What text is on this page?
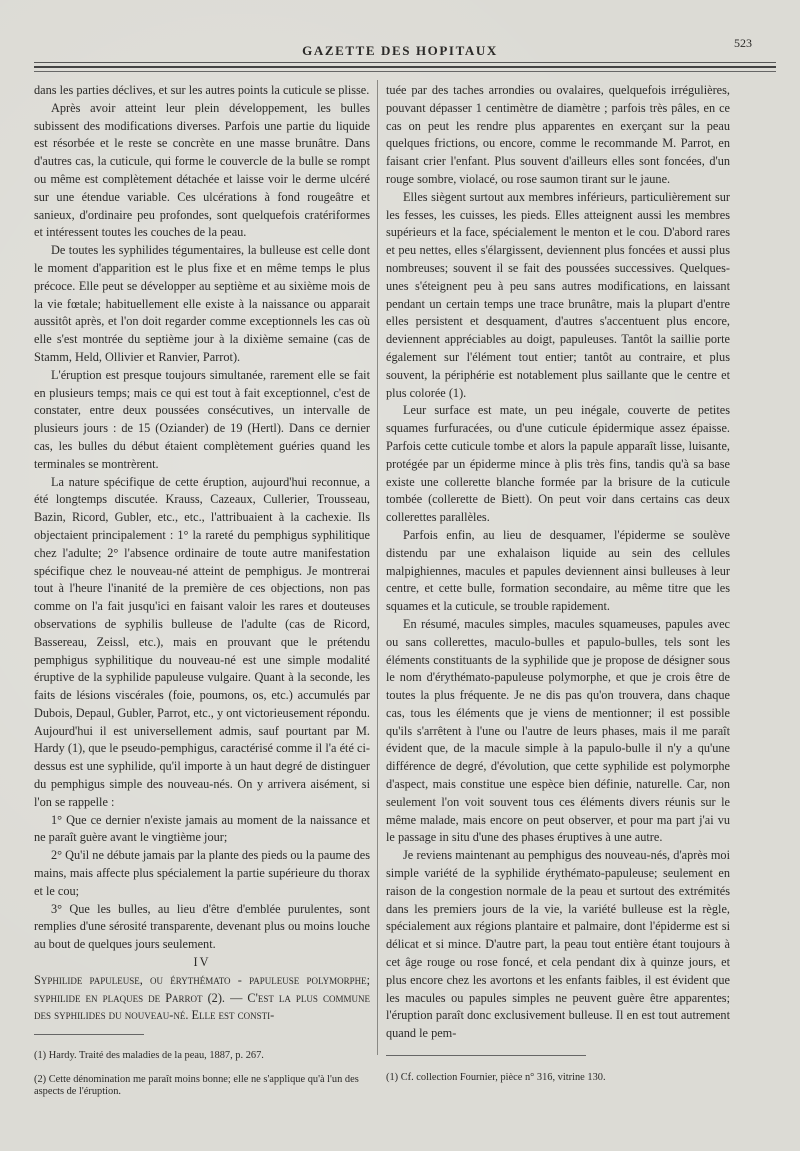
GAZETTE DES HOPITAUX	523

dans les parties déclives, et sur les autres points la cuticule se plisse.

Après avoir atteint leur plein développement, les bulles subissent des modifications diverses. Parfois une partie du liquide est résorbée et le reste se concrète en une masse brunâtre. Dans d'autres cas, la cuticule, qui forme le couvercle de la bulle se rompt ou même est complètement détachée et laisse voir le derme ulcéré sur une étendue variable. Ces ulcérations à fond rougeâtre et sanieux, d'ordinaire peu profondes, sont quelquefois cratériformes et intéressent toutes les couches de la peau.

De toutes les syphilides tégumentaires, la bulleuse est celle dont le moment d'apparition est le plus fixe et en même temps le plus précoce. Elle peut se développer au septième et au sixième mois de la vie fœtale; habituellement elle existe à la naissance ou apparait aussitôt après, et l'on doit regarder comme exceptionnels les cas où elle s'est montrée du septième jour à la dixième semaine (cas de Stamm, Held, Ollivier et Ranvier, Parrot).

L'éruption est presque toujours simultanée, rarement elle se fait en plusieurs temps; mais ce qui est tout à fait exceptionnel, c'est de constater, entre deux poussées consécutives, un intervalle de plusieurs jours : de 15 (Oziander) de 19 (Hertl). Dans ce dernier cas, les bulles du début étaient complètement guéries quand les terminales se montrèrent.

La nature spécifique de cette éruption, aujourd'hui reconnue, a été longtemps discutée. Krauss, Cazeaux, Cullerier, Trousseau, Bazin, Ricord, Gubler, etc., etc., l'attribuaient à la cachexie. Ils objectaient principalement : 1° la rareté du pemphigus syphilitique chez l'adulte; 2° l'absence ordinaire de toute autre manifestation spécifique chez le nouveau-né atteint de pemphigus. Je montrerai tout à l'heure l'inanité de la première de ces objections, non pas comme on l'a fait jusqu'ici en faisant valoir les rares et douteuses observations de syphilis bulleuse de l'adulte (cas de Ricord, Bassereau, Zeissl, etc.), mais en prouvant que le prétendu pemphigus syphilitique du nouveau-né est une simple modalité éruptive de la syphilide papuleuse vulgaire. Quant à la seconde, les faits de lésions viscérales (foie, poumons, os, etc.) accumulés par Dubois, Depaul, Gubler, Parrot, etc., y ont victorieusement répondu. Aujourd'hui il est universellement admis, sauf pourtant par M. Hardy (1), que le pseudo-pemphigus, caractérisé comme il l'a été ci-dessus est une syphilide, qu'il importe à un haut degré de distinguer du pemphigus simple des nouveau-nés. On y arrivera aisément, si l'on se rappelle :

1° Que ce dernier n'existe jamais au moment de la naissance et ne paraît guère avant le vingtième jour;

2° Qu'il ne débute jamais par la plante des pieds ou la paume des mains, mais affecte plus spécialement la partie supérieure du thorax et le cou;

3° Que les bulles, au lieu d'être d'emblée purulentes, sont remplies d'une sérosité transparente, devenant plus ou moins louche au bout de quelques jours seulement.

IV

Syphilide papuleuse, ou érythémato - papuleuse polymorphe; syphilide en plaques de Parrot (2). — C'est la plus commune des syphilides du nouveau-né. Elle est consti-

(1) Hardy. Traité des maladies de la peau, 1887, p. 267.

(2) Cette dénomination me paraît moins bonne; elle ne s'applique qu'à l'un des aspects de l'éruption.

tuée par des taches arrondies ou ovalaires, quelquefois irrégulières, pouvant dépasser 1 centimètre de diamètre ; parfois très pâles, en ce cas on peut les rendre plus apparentes en exerçant sur la peau quelques frictions, ou encore, comme le recommande M. Parrot, en faisant crier l'enfant. Plus souvent d'ailleurs elles sont foncées, d'un rouge sombre, violacé, ou rose saumon tirant sur le jaune.

Elles siègent surtout aux membres inférieurs, particulièrement sur les fesses, les cuisses, les pieds. Elles atteignent aussi les membres supérieurs et la face, spécialement le menton et le cou. D'abord rares et peu nettes, elles s'élargissent, deviennent plus foncées et aussi plus nombreuses; souvent il se fait des poussées successives. Quelques-unes s'éteignent peu à peu sans autres modifications, en laissant pendant un certain temps une trace brunâtre, mais la plupart d'entre elles persistent et desquament, d'autres s'accentuent plus encore, deviennent appréciables au doigt, papuleuses. Tantôt la saillie porte également sur l'élément tout entier; tantôt au contraire, et plus souvent, la périphérie est notablement plus saillante que le centre et plus colorée (1).

Leur surface est mate, un peu inégale, couverte de petites squames furfuracées, ou d'une cuticule épidermique assez épaisse. Parfois cette cuticule tombe et alors la papule apparaît lisse, luisante, protégée par un épiderme mince à plis très fins, tandis qu'à sa base existe une collerette blanche formée par la brisure de la cuticule tombée (collerette de Biett). On peut voir dans certains cas deux collerettes parallèles.

Parfois enfin, au lieu de desquamer, l'épiderme se soulève distendu par une exhalaison liquide au sein des cellules malpighiennes, macules et papules deviennent ainsi bulleuses à leur centre, et cette bulle, formation secondaire, au même titre que les squames et la cuticule, se trouble rapidement.

En résumé, macules simples, macules squameuses, papules avec ou sans collerettes, maculo-bulles et papulo-bulles, tels sont les éléments constituants de la syphilide que je propose de désigner sous le nom d'érythémato-papuleuse polymorphe, et que je crois être de toutes la plus fréquente. Je ne dis pas qu'on trouvera, dans chaque cas, tous les éléments que je viens de mentionner; il est possible qu'ils s'arrêtent à l'une ou l'autre de leurs phases, mais il me paraît évident que, de la macule simple à la papulo-bulle il n'y a qu'une différence de degré, d'évolution, que cette syphilide est polymorphe d'aspect, mais constitue une espèce bien définie, naturelle. Car, non seulement l'on voit souvent tous ces éléments divers réunis sur le même malade, mais encore on peut observer, et pour ma part j'ai vu le passage in situ d'une des phases éruptives à une autre.

Je reviens maintenant au pemphigus des nouveau-nés, d'après moi simple variété de la syphilide érythémato-papuleuse; seulement en raison de la congestion normale de la peau et surtout des extrémités dans les premiers jours de la vie, la variété bulleuse est la règle, spécialement aux régions plantaire et palmaire, dont l'épiderme est si délicat et si mince. D'autre part, la peau tout entière étant toujours à cet âge rouge ou rose foncé, et cela pendant dix à quinze jours, et plus encore chez les avortons et les enfants faibles, il est évident que les macules ou papules simples ne peuvent guère être apparentes; l'éruption paraît donc exclusivement bulleuse. Il en est tout autrement quand le pem-

(1) Cf. collection Fournier, pièce n° 316, vitrine 130.
